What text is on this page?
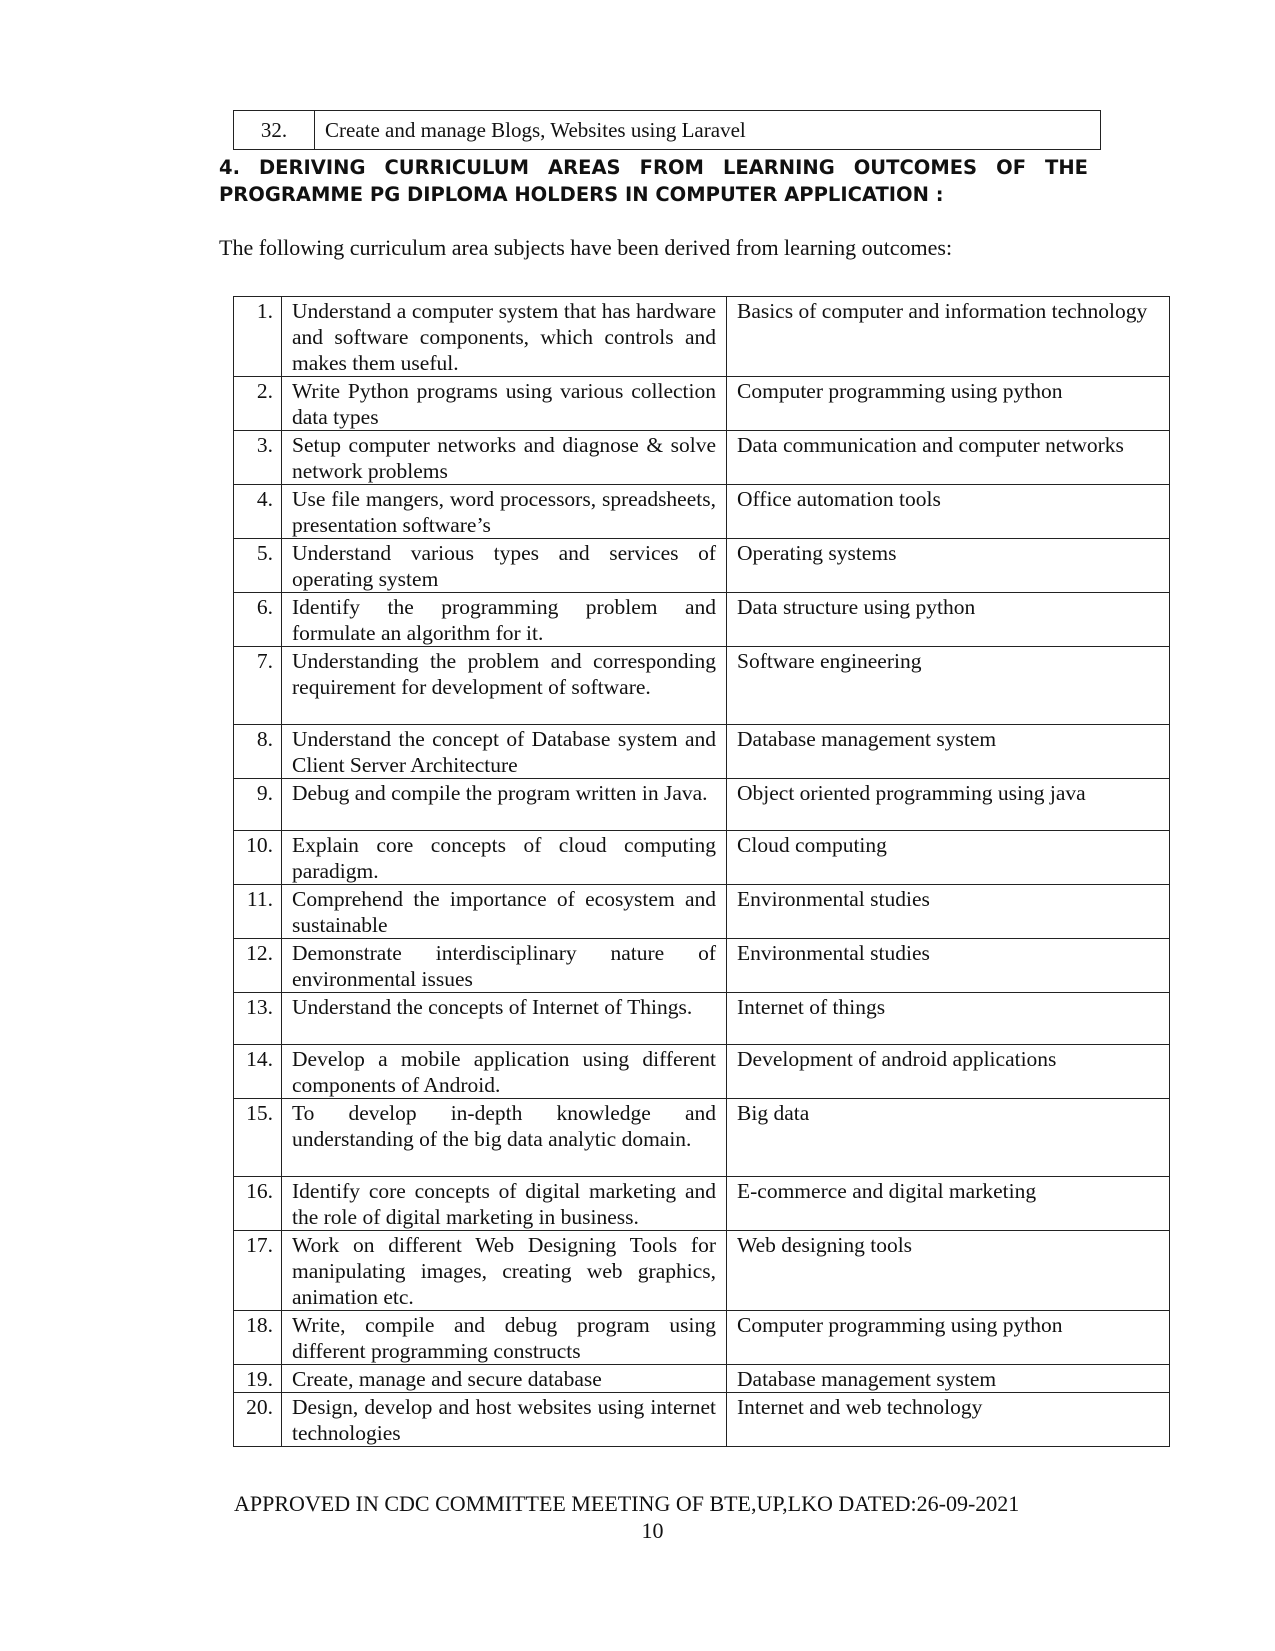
32.	Create and manage Blogs, Websites using Laravel
4. DERIVING CURRICULUM AREAS FROM LEARNING OUTCOMES OF THE
PROGRAMME PG DIPLOMA HOLDERS IN COMPUTER APPLICATION :
The following curriculum area subjects have been derived from learning outcomes:
1.	Understand a computer system that has hardware and software components, which controls and makes them useful.	Basics of computer and information technology
2.	Write Python programs using various collection data types	Computer programming using python
3.	Setup computer networks and diagnose & solve network problems	Data communication and computer networks
4.	Use file mangers, word processors, spreadsheets, presentation software’s	Office automation tools
5.	Understand various types and services of operating system	Operating systems
6.	Identify the programming problem and formulate an algorithm for it.	Data structure using python
7.	Understanding the problem and corresponding requirement for development of software.	Software engineering
8.	Understand the concept of Database system and Client Server Architecture	Database management system
9.	Debug and compile the program written in Java.	Object oriented programming using java
10.	Explain core concepts of cloud computing paradigm.	Cloud computing
11.	Comprehend the importance of ecosystem and sustainable	Environmental studies
12.	Demonstrate interdisciplinary nature of environmental issues	Environmental studies
13.	Understand the concepts of Internet of Things.	Internet of things
14.	Develop a mobile application using different components of Android.	Development of android applications
15.	To develop in-depth knowledge and understanding of the big data analytic domain.	Big data
16.	Identify core concepts of digital marketing and the role of digital marketing in business.	E-commerce and digital marketing
17.	Work on different Web Designing Tools for manipulating images, creating web graphics, animation etc.	Web designing tools
18.	Write, compile and debug program using different programming constructs	Computer programming using python
19.	Create, manage and secure database	Database management system
20.	Design, develop and host websites using internet technologies	Internet and web technology
APPROVED IN CDC COMMITTEE MEETING OF BTE,UP,LKO DATED:26-09-2021
10
